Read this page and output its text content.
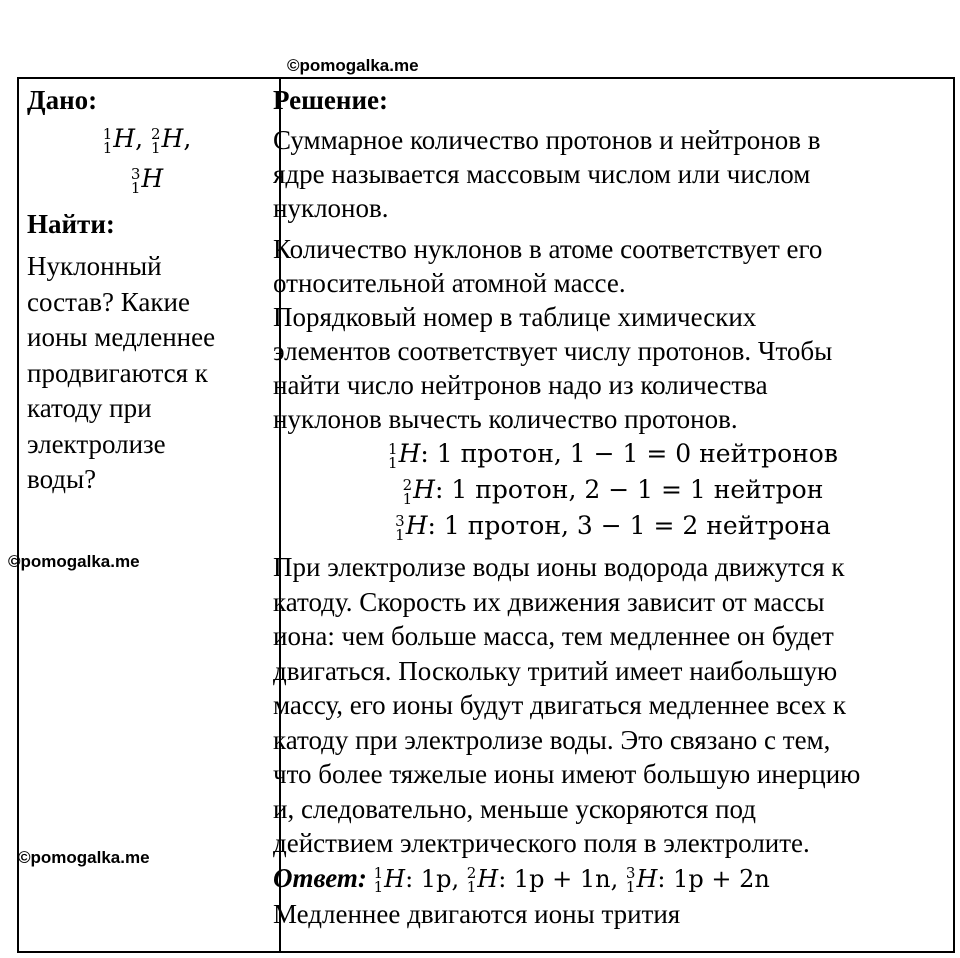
©pomogalka.me
©pomogalka.me
©pomogalka.me
Дано:
1
1 H, 2
1 H,
3
1 H
Найти:
Нуклонный
состав? Какие
ионы медленнее
продвигаются к
катоду при
электролизе
воды?
Решение:
Суммарное количество протонов и нейтронов в
ядре называется массовым числом или числом
нуклонов.
Количество нуклонов в атоме соответствует его
относительной атомной массе.
Порядковый номер в таблице химических
элементов соответствует числу протонов. Чтобы
найти число нейтронов надо из количества
нуклонов вычесть количество протонов.
1
1 H: 1 протон, 1 − 1 = 0 нейтронов
2
1 H: 1 протон, 2 − 1 = 1 нейтрон
3
1 H: 1 протон, 3 − 1 = 2 нейтрона
При электролизе воды ионы водорода движутся к
катоду. Скорость их движения зависит от массы
иона: чем больше масса, тем медленнее он будет
двигаться. Поскольку тритий имеет наибольшую
массу, его ионы будут двигаться медленнее всех к
катоду при электролизе воды. Это связано с тем,
что более тяжелые ионы имеют большую инерцию
и, следовательно, меньше ускоряются под
действием электрического поля в электролите.
Ответ: 1
1 H: 1p, 2
1 H: 1p + 1n, 3
1 H: 1p + 2n
Медленнее двигаются ионы трития
